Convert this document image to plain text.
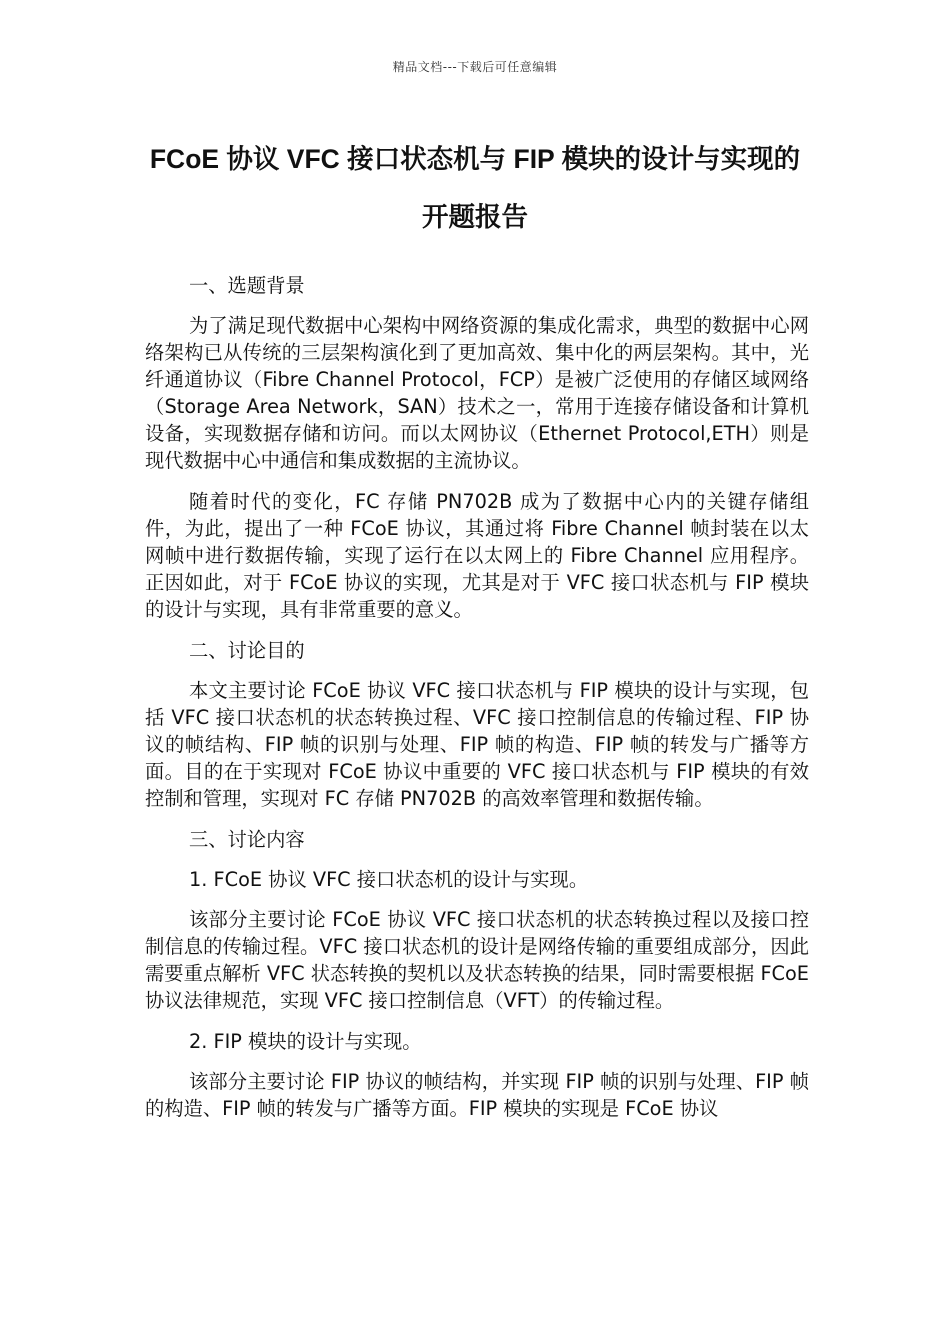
精品文档---下载后可任意编辑
FCoE 协议 VFC 接口状态机与 FIP 模块的设计与实现的开题报告

一、选题背景

为了满足现代数据中心架构中网络资源的集成化需求，典型的数据中心网络架构已从传统的三层架构演化到了更加高效、集中化的两层架构。其中，光纤通道协议（Fibre Channel Protocol，FCP）是被广泛使用的存储区域网络（Storage Area Network，SAN）技术之一，常用于连接存储设备和计算机设备，实现数据存储和访问。而以太网协议（Ethernet Protocol,ETH）则是现代数据中心中通信和集成数据的主流协议。

随着时代的变化，FC 存储 PN702B 成为了数据中心内的关键存储组件，为此，提出了一种 FCoE 协议，其通过将 Fibre Channel 帧封装在以太网帧中进行数据传输，实现了运行在以太网上的 Fibre Channel 应用程序。正因如此，对于 FCoE 协议的实现，尤其是对于 VFC 接口状态机与 FIP 模块的设计与实现，具有非常重要的意义。

二、讨论目的

本文主要讨论 FCoE 协议 VFC 接口状态机与 FIP 模块的设计与实现，包括 VFC 接口状态机的状态转换过程、VFC 接口控制信息的传输过程、FIP 协议的帧结构、FIP 帧的识别与处理、FIP 帧的构造、FIP 帧的转发与广播等方面。目的在于实现对 FCoE 协议中重要的 VFC 接口状态机与 FIP 模块的有效控制和管理，实现对 FC 存储 PN702B 的高效率管理和数据传输。

三、讨论内容

1. FCoE 协议 VFC 接口状态机的设计与实现。

该部分主要讨论 FCoE 协议 VFC 接口状态机的状态转换过程以及接口控制信息的传输过程。VFC 接口状态机的设计是网络传输的重要组成部分，因此需要重点解析 VFC 状态转换的契机以及状态转换的结果，同时需要根据 FCoE 协议法律规范，实现 VFC 接口控制信息（VFT）的传输过程。

2. FIP 模块的设计与实现。

该部分主要讨论 FIP 协议的帧结构，并实现 FIP 帧的识别与处理、FIP 帧的构造、FIP 帧的转发与广播等方面。FIP 模块的实现是 FCoE 协议
